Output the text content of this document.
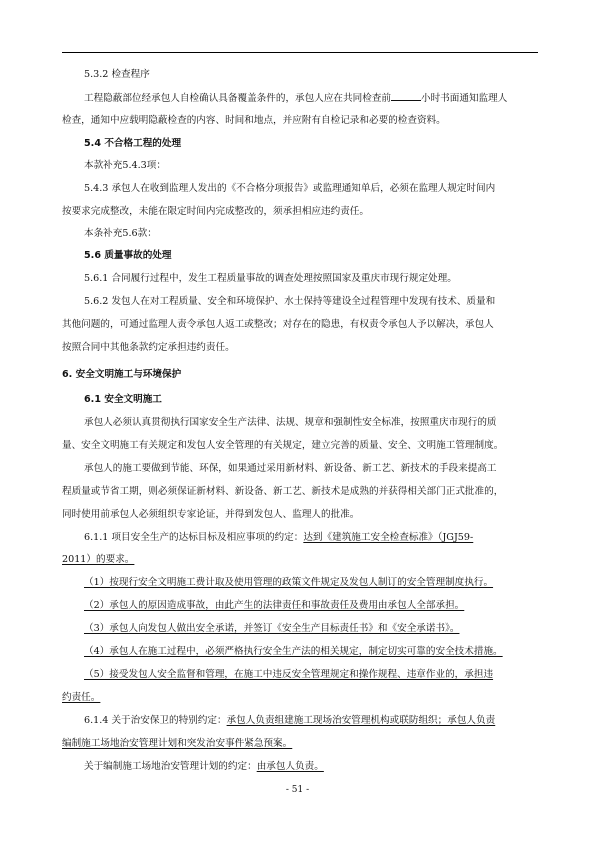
5.3.2 检查程序
工程隐蔽部位经承包人自检确认具备覆盖条件的，承包人应在共同检查前	小时书面通知监理人
检查，通知中应载明隐蔽检查的内容、时间和地点，并应附有自检记录和必要的检查资料。
5.4 不合格工程的处理
本款补充5.4.3项：
5.4.3 承包人在收到监理人发出的《不合格分项报告》或监理通知单后，必须在监理人规定时间内
按要求完成整改，未能在限定时间内完成整改的，须承担相应违约责任。
本条补充5.6款：
5.6 质量事故的处理
5.6.1 合同履行过程中，发生工程质量事故的调查处理按照国家及重庆市现行规定处理。
5.6.2 发包人在对工程质量、安全和环境保护、水土保持等建设全过程管理中发现有技术、质量和
其他问题的，可通过监理人责令承包人返工或整改；对存在的隐患，有权责令承包人予以解决，承包人
按照合同中其他条款约定承担违约责任。
6. 安全文明施工与环境保护
6.1 安全文明施工
承包人必须认真贯彻执行国家安全生产法律、法规、规章和强制性安全标准，按照重庆市现行的质
量、安全文明施工有关规定和发包人安全管理的有关规定，建立完善的质量、安全、文明施工管理制度。
承包人的施工要做到节能、环保，如果通过采用新材料、新设备、新工艺、新技术的手段来提高工
程质量或节省工期，则必须保证新材料、新设备、新工艺、新技术是成熟的并获得相关部门正式批准的，
同时使用前承包人必须组织专家论证，并得到发包人、监理人的批准。
6.1.1 项目安全生产的达标目标及相应事项的约定：达到《建筑施工安全检查标准》（JGJ59-
2011）的要求。
（1）按现行安全文明施工费计取及使用管理的政策文件规定及发包人制订的安全管理制度执行。
（2）承包人的原因造成事故，由此产生的法律责任和事故责任及费用由承包人全部承担。
（3）承包人向发包人做出安全承诺，并签订《安全生产目标责任书》和《安全承诺书》。
（4）承包人在施工过程中，必须严格执行安全生产法的相关规定，制定切实可靠的安全技术措施。
（5）接受发包人安全监督和管理，在施工中违反安全管理规定和操作规程、违章作业的，承担违
约责任。
6.1.4 关于治安保卫的特别约定：承包人负责组建施工现场治安管理机构或联防组织；承包人负责
编制施工场地治安管理计划和突发治安事件紧急预案。
关于编制施工场地治安管理计划的约定：由承包人负责。
- 51 -
